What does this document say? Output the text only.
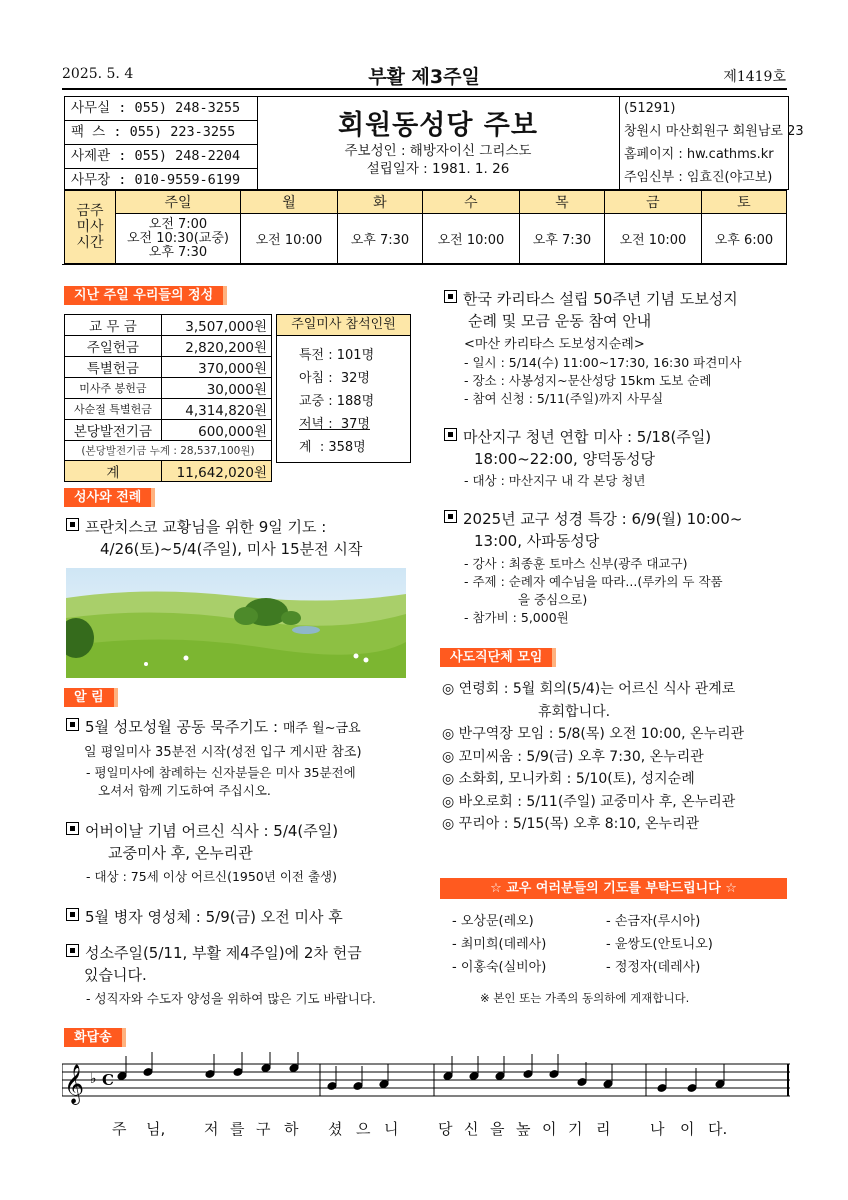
2025. 5. 4	부활 제3주일	제1419호
사무실 : 055) 248-3255
팩 스 : 055) 223-3255
사제관 : 055) 248-2204
사무장 : 010-9559-6199
회원동성당 주보
주보성인 : 해방자이신 그리스도
설립일자 : 1981. 1. 26
(51291)
창원시 마산회원구 회원남로 23
홈페이지 : hw.cathms.kr
주임신부 : 임효진(야고보)
금주 미사 시간	주일	월	화	수	목	금	토

	오전 7:00
오전 10:30(교중)
오후 7:30	오전 10:00	오후 7:30	오전 10:00	오후 7:30	오전 10:00	오후 6:00
지난 주일 우리들의 정성
교 무 금	3,507,000원
주일헌금	2,820,200원
특별헌금	370,000원
미사주 봉헌금	30,000원
사순절 특별헌금	4,314,820원
본당발전기금	600,000원
(본당발전기금 누계 : 28,537,100원)	
계	11,642,020원
주일미사 참석인원
특전 : 101명
아침 :  32명
교중 : 188명
저녁 :  37명
계  : 358명
성사와 전례
프란치스코 교황님을 위한 9일 기도 :
4/26(토)~5/4(주일), 미사 15분전 시작
알 림
5월 성모성월 공동 묵주기도 : 매주 월~금요
일 평일미사 35분전 시작(성전 입구 게시판 참조)
- 평일미사에 참례하는 신자분들은 미사 35분전에
오셔서 함께 기도하여 주십시오.
어버이날 기념 어르신 식사 : 5/4(주일)
교중미사 후, 온누리관
- 대상 : 75세 이상 어르신(1950년 이전 출생)
5월 병자 영성체 : 5/9(금) 오전 미사 후
성소주일(5/11, 부활 제4주일)에 2차 헌금
있습니다.
- 성직자와 수도자 양성을 위하여 많은 기도 바랍니다.
한국 카리타스 설립 50주년 기념 도보성지
순례 및 모금 운동 참여 안내
<마산 카리타스 도보성지순례>
- 일시 : 5/14(수) 11:00~17:30, 16:30 파견미사
- 장소 : 사봉성지~문산성당 15km 도보 순례
- 참여 신청 : 5/11(주일)까지 사무실
마산지구 청년 연합 미사 : 5/18(주일)
18:00~22:00, 양덕동성당
- 대상 : 마산지구 내 각 본당 청년
2025년 교구 성경 특강 : 6/9(월) 10:00~
13:00, 사파동성당
- 강사 : 최종훈 토마스 신부(광주 대교구)
- 주제 : 순례자 예수님을 따라...(루카의 두 작품
을 중심으로)
- 참가비 : 5,000원
사도직단체 모임
◎ 연령회 : 5월 회의(5/4)는 어르신 식사 관계로
휴회합니다.
◎ 반구역장 모임 : 5/8(목) 오전 10:00, 온누리관
◎ 꼬미씨움 : 5/9(금) 오후 7:30, 온누리관
◎ 소화회, 모니카회 : 5/10(토), 성지순례
◎ 바오로회 : 5/11(주일) 교중미사 후, 온누리관
◎ 꾸리아 : 5/15(목) 오후 8:10, 온누리관
☆ 교우 여러분들의 기도를 부탁드립니다 ☆
- 오상문(레오)	- 손금자(루시아)
- 최미희(데레사)	- 윤쌍도(안토니오)
- 이홍숙(실비아)	- 정정자(데레사)
※ 본인 또는 가족의 동의하에 게재합니다.
화답송
𝄞 ♭ C
주 님,	저 를 구 하 셨 으 니	당 신 을 높 이 기 리	나 이 다.
